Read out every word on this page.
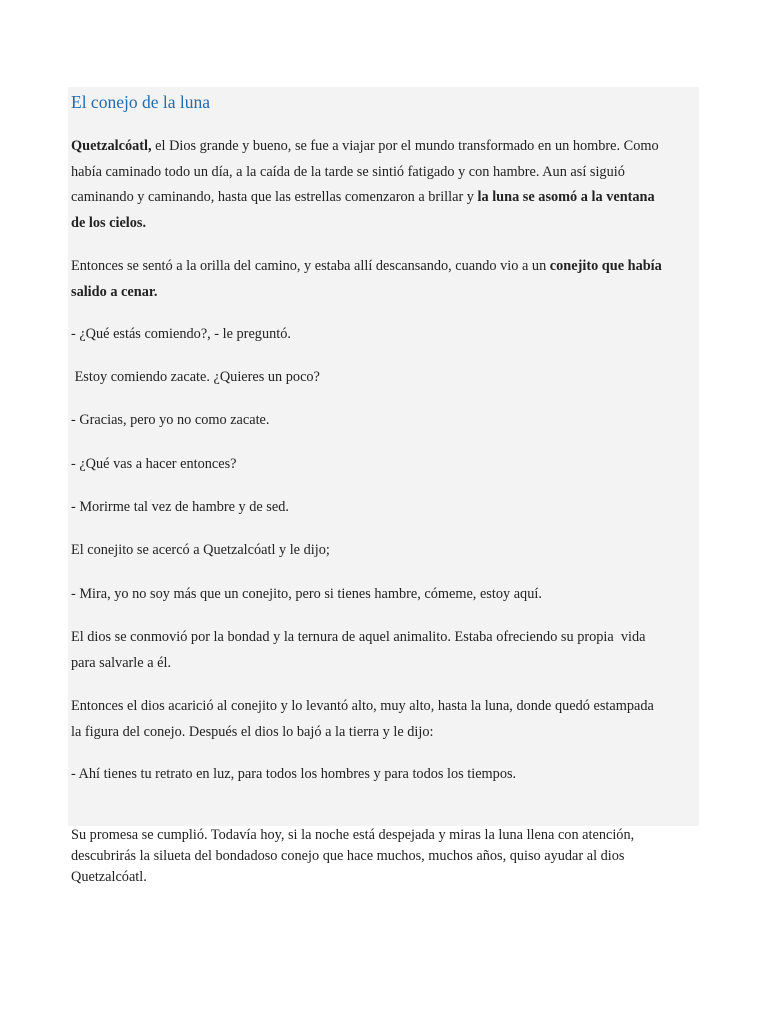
El conejo de la luna

Quetzalcóatl, el Dios grande y bueno, se fue a viajar por el mundo transformado en un hombre. Como
había caminado todo un día, a la caída de la tarde se sintió fatigado y con hambre. Aun así siguió
caminando y caminando, hasta que las estrellas comenzaron a brillar y la luna se asomó a la ventana
de los cielos.

Entonces se sentó a la orilla del camino, y estaba allí descansando, cuando vio a un conejito que había
salido a cenar.

- ¿Qué estás comiendo?, - le preguntó.

Estoy comiendo zacate. ¿Quieres un poco?

- Gracias, pero yo no como zacate.

- ¿Qué vas a hacer entonces?

- Morirme tal vez de hambre y de sed.

El conejito se acercó a Quetzalcóatl y le dijo;

- Mira, yo no soy más que un conejito, pero si tienes hambre, cómeme, estoy aquí.

El dios se conmovió por la bondad y la ternura de aquel animalito. Estaba ofreciendo su propia  vida
para salvarle a él.

Entonces el dios acarició al conejito y lo levantó alto, muy alto, hasta la luna, donde quedó estampada
la figura del conejo. Después el dios lo bajó a la tierra y le dijo:

- Ahí tienes tu retrato en luz, para todos los hombres y para todos los tiempos.

Su promesa se cumplió. Todavía hoy, si la noche está despejada y miras la luna llena con atención,
descubrirás la silueta del bondadoso conejo que hace muchos, muchos años, quiso ayudar al dios
Quetzalcóatl.
